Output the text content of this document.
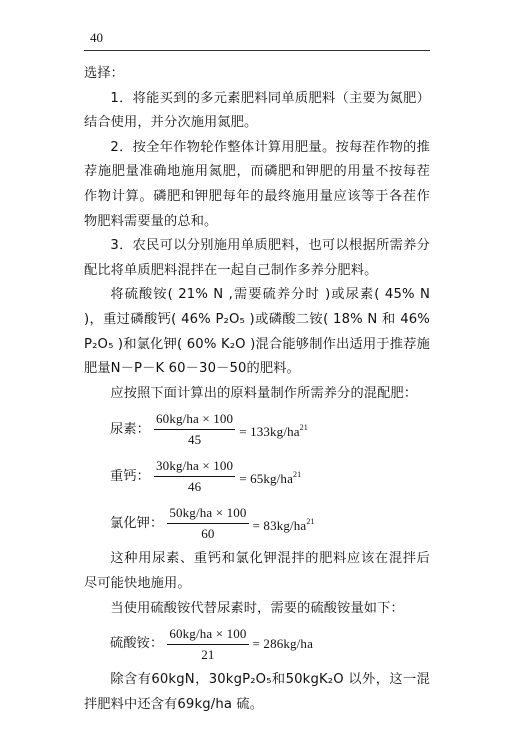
40

选择：

1．将能买到的多元素肥料同单质肥料（主要为氮肥）结合使用，并分次施用氮肥。

2．按全年作物轮作整体计算用肥量。按每茬作物的推荐施肥量准确地施用氮肥，而磷肥和钾肥的用量不按每茬作物计算。磷肥和钾肥每年的最终施用量应该等于各茬作物肥料需要量的总和。

3．农民可以分别施用单质肥料，也可以根据所需养分配比将单质肥料混拌在一起自己制作多养分肥料。

将硫酸铵( 21% N ,需要硫养分时 )或尿素( 45% N )，重过磷酸钙( 46% P₂O₅ )或磷酸二铵( 18% N 和 46% P₂O₅ )和氯化钾( 60% K₂O )混合能够制作出适用于推荐施肥量N－P－K 60－30－50的肥料。

应按照下面计算出的原料量制作所需养分的混配肥：

尿素： $\frac{60kg/ha \times 100}{45} = 133kg/ha^{21}$
重钙： $\frac{30kg/ha \times 100}{46} = 65kg/ha^{21}$
氯化钾： $\frac{50kg/ha \times 100}{60} = 83kg/ha^{21}$

这种用尿素、重钙和氯化钾混拌的肥料应该在混拌后尽可能快地施用。

当使用硫酸铵代替尿素时，需要的硫酸铵量如下：

硫酸铵： $\frac{60kg/ha \times 100}{21} = 286kg/ha$

除含有60kgN，30kgP₂O₅和50kgK₂O 以外，这一混拌肥料中还含有69kg/ha 硫。
